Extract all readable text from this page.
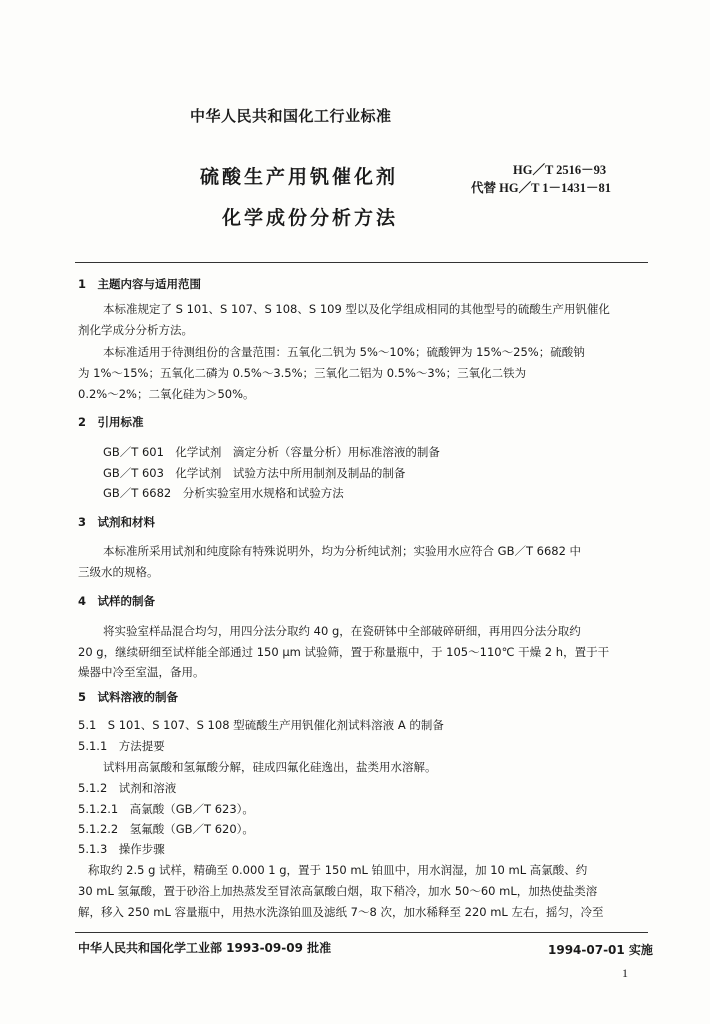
中华人民共和国化工行业标准
硫酸生产用钒催化剂
化学成份分析方法
HG／T 2516－93
代替 HG／T 1－1431－81
1　主题内容与适用范围
本标准规定了 S 101、S 107、S 108、S 109 型以及化学组成相同的其他型号的硫酸生产用钒催化
剂化学成分分析方法。
本标准适用于待测组份的含量范围：五氧化二钒为 5%～10%；硫酸钾为 15%～25%；硫酸钠
为 1%～15%；五氧化二磷为 0.5%～3.5%；三氧化二铝为 0.5%～3%；三氧化二铁为
0.2%～2%；二氧化硅为＞50%。
2　引用标准
GB／T 601　化学试剂　滴定分析（容量分析）用标准溶液的制备
GB／T 603　化学试剂　试验方法中所用制剂及制品的制备
GB／T 6682　分析实验室用水规格和试验方法
3　试剂和材料
本标准所采用试剂和纯度除有特殊说明外，均为分析纯试剂；实验用水应符合 GB／T 6682 中
三级水的规格。
4　试样的制备
将实验室样品混合均匀，用四分法分取约 40 g，在瓷研钵中全部破碎研细，再用四分法分取约
20 g，继续研细至试样能全部通过 150 μm 试验筛，置于称量瓶中，于 105～110℃ 干燥 2 h，置于干
燥器中冷至室温，备用。
5　试料溶液的制备
5.1　S 101、S 107、S 108 型硫酸生产用钒催化剂试料溶液 A 的制备
5.1.1　方法提要
试料用高氯酸和氢氟酸分解，硅成四氟化硅逸出，盐类用水溶解。
5.1.2　试剂和溶液
5.1.2.1　高氯酸（GB／T 623）。
5.1.2.2　氢氟酸（GB／T 620）。
5.1.3　操作步骤
称取约 2.5 g 试样，精确至 0.000 1 g，置于 150 mL 铂皿中，用水润湿，加 10 mL 高氯酸、约
30 mL 氢氟酸，置于砂浴上加热蒸发至冒浓高氯酸白烟，取下稍冷，加水 50～60 mL，加热使盐类溶
解，移入 250 mL 容量瓶中，用热水洗涤铂皿及滤纸 7～8 次，加水稀释至 220 mL 左右，摇匀，冷至
中华人民共和国化学工业部 1993-09-09 批准	1994-07-01 实施
1
